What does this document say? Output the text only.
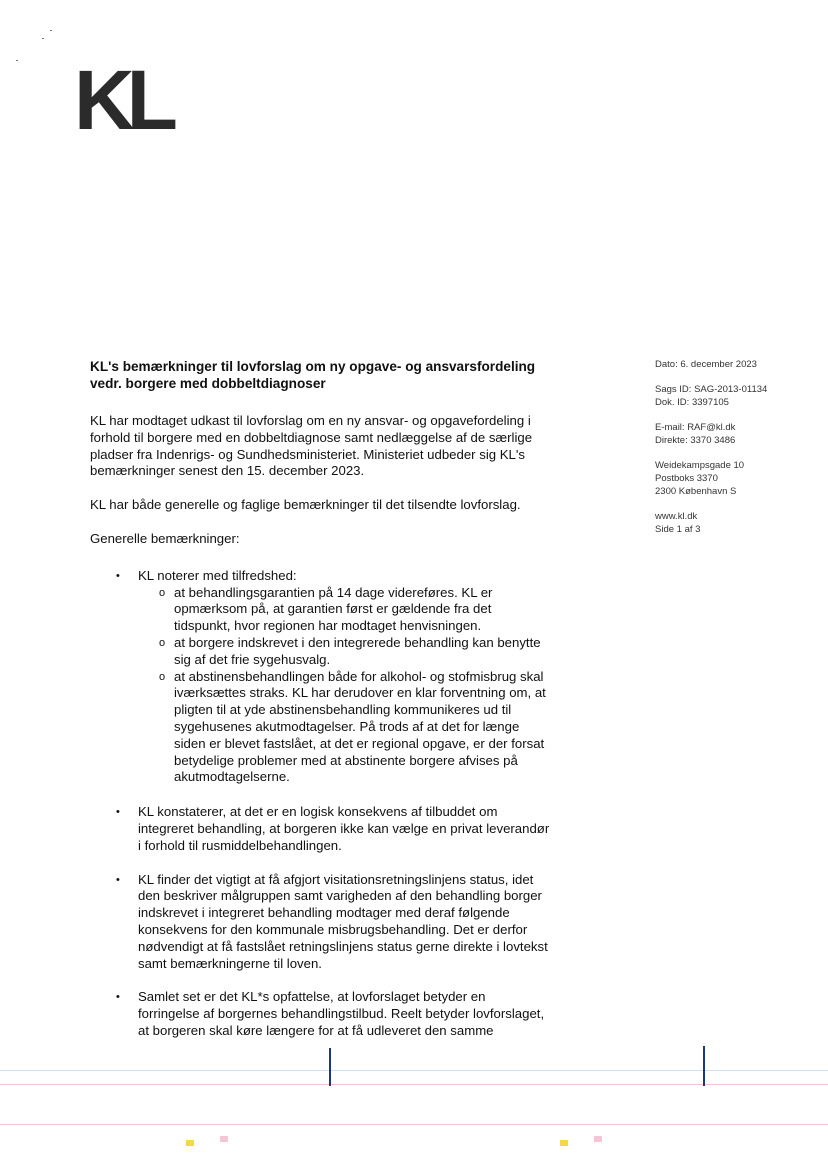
KL
Dato: 6. december 2023
Sags ID: SAG-2013-01134
Dok. ID: 3397105
E-mail: RAF@kl.dk
Direkte: 3370 3486
Weidekampsgade 10
Postboks 3370
2300 København S
www.kl.dk
Side 1 af 3
KL's bemærkninger til lovforslag om ny opgave- og ansvarsfordeling vedr. borgere med dobbeltdiagnoser

KL har modtaget udkast til lovforslag om en ny ansvar- og opgavefordeling i forhold til borgere med en dobbeltdiagnose samt nedlæggelse af de særlige pladser fra Indenrigs- og Sundhedsministeriet. Ministeriet udbeder sig KL's bemærkninger senest den 15. december 2023.

KL har både generelle og faglige bemærkninger til det tilsendte lovforslag.

Generelle bemærkninger:

• KL noterer med tilfredshed:
o at behandlingsgarantien på 14 dage videreføres. KL er opmærksom på, at garantien først er gældende fra det tidspunkt, hvor regionen har modtaget henvisningen.
o at borgere indskrevet i den integrerede behandling kan benytte sig af det frie sygehusvalg.
o at abstinensbehandlingen både for alkohol- og stofmisbrug skal iværksættes straks. KL har derudover en klar forventning om, at pligten til at yde abstinensbehandling kommunikeres ud til sygehusenes akutmodtagelser. På trods af at det for længe siden er blevet fastslået, at det er regional opgave, er der forsat betydelige problemer med at abstinente borgere afvises på akutmodtagelserne.
• KL konstaterer, at det er en logisk konsekvens af tilbuddet om integreret behandling, at borgeren ikke kan vælge en privat leverandør i forhold til rusmiddelbehandlingen.
• KL finder det vigtigt at få afgjort visitationsretningslinjens status, idet den beskriver målgruppen samt varigheden af den behandling borger indskrevet i integreret behandling modtager med deraf følgende konsekvens for den kommunale misbrugsbehandling. Det er derfor nødvendigt at få fastslået retningslinjens status gerne direkte i lovtekst samt bemærkningerne til loven.
• Samlet set er det KL*s opfattelse, at lovforslaget betyder en forringelse af borgernes behandlingstilbud. Reelt betyder lovforslaget, at borgeren skal køre længere for at få udleveret den samme
